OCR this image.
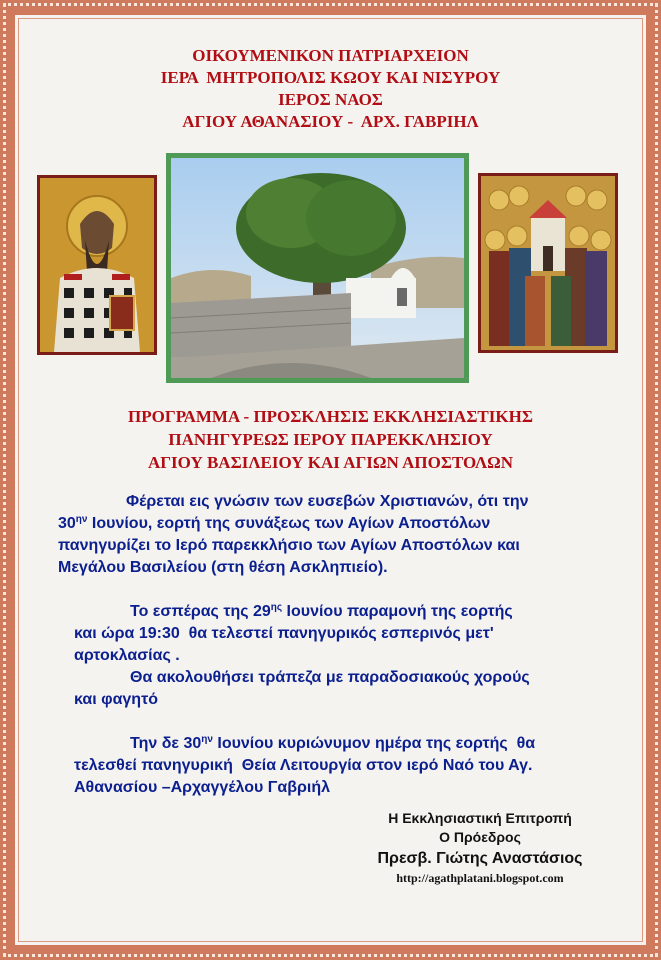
ΟΙΚΟΥΜΕΝΙΚΟΝ ΠΑΤΡΙΑΡΧΕΙΟΝ
ΙΕΡΑ  ΜΗΤΡΟΠΟΛΙΣ ΚΩΟΥ ΚΑΙ ΝΙΣΥΡΟΥ
ΙΕΡΟΣ ΝΑΟΣ
ΑΓΙΟΥ ΑΘΑΝΑΣΙΟΥ -  ΑΡΧ. ΓΑΒΡΙΗΛ
ΠΡΟΓΡΑΜΜΑ - ΠΡΟΣΚΛΗΣΙΣ ΕΚΚΛΗΣΙΑΣΤΙΚΗΣ
ΠΑΝΗΓΥΡΕΩΣ ΙΕΡΟΥ ΠΑΡΕΚΚΛΗΣΙΟΥ
ΑΓΙΟΥ ΒΑΣΙΛΕΙΟΥ ΚΑΙ ΑΓΙΩΝ ΑΠΟΣΤΟΛΩΝ
Φέρεται εις γνώσιν των ευσεβών Χριστιανών, ότι την
$30^{\eta\nu}$ Ιουνίου, εορτή της συνάξεως των Αγίων Αποστόλων
πανηγυρίζει το Ιερό παρεκκλήσιο των Αγίων Αποστόλων και
Μεγάλου Βασιλείου (στη θέση Ασκληπιείο).
Το εσπέρας της $29^{\eta\varsigma}$ Ιουνίου παραμονή της εορτής
και ώρα 19:30  θα τελεστεί πανηγυρικός εσπερινός μετ'
αρτοκλασίας .
Θα ακολουθήσει τράπεζα με παραδοσιακούς χορούς
και φαγητό
Την δε $30^{\eta\nu}$ Ιουνίου κυριώνυμον ημέρα της εορτής  θα
τελεσθεί πανηγυρική  Θεία Λειτουργία στον ιερό Ναό του Αγ.
Αθανασίου –Αρχαγγέλου Γαβριήλ
Η Εκκλησιαστική Επιτροπή
Ο Πρόεδρος
Πρεσβ. Γιώτης Αναστάσιος
http://agathplatani.blogspot.com
